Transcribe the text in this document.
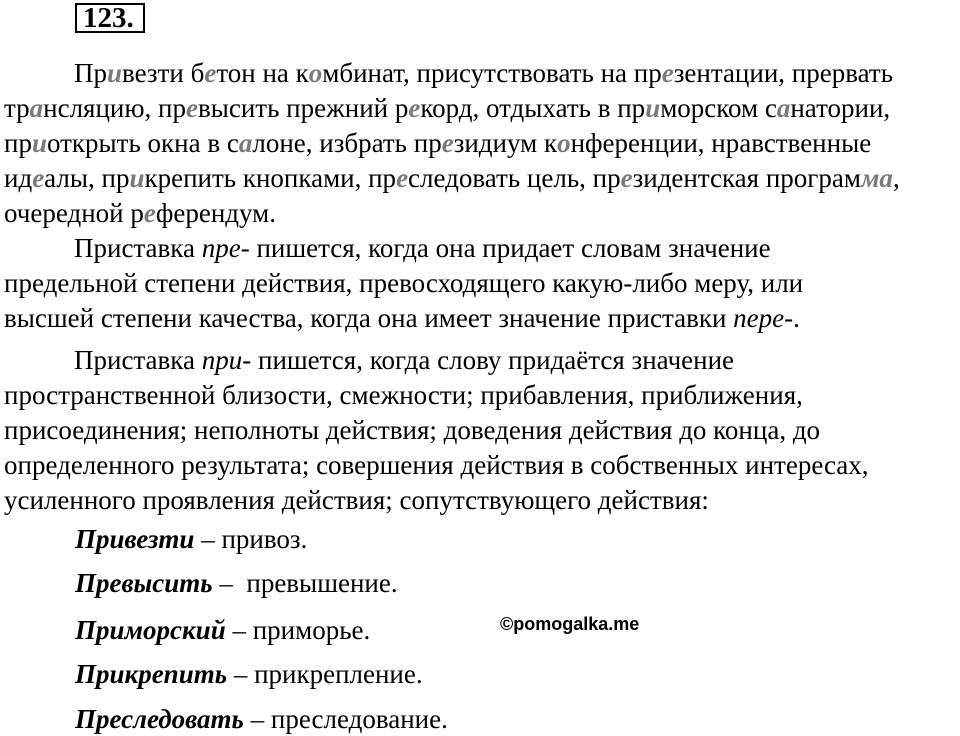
123.

Привезти бетон на комбинат, присутствовать на презентации, прервать
трансляцию, превысить прежний рекорд, отдыхать в приморском санатории,
приоткрыть окна в салоне, избрать президиум конференции, нравственные
идеалы, прикрепить кнопками, преследовать цель, президентская программа,
очередной референдум.

Приставка пре- пишется, когда она придает словам значение
предельной степени действия, превосходящего какую-либо меру, или
высшей степени качества, когда она имеет значение приставки пере-.

Приставка при- пишется, когда слову придаётся значение
пространственной близости, смежности; прибавления, приближения,
присоединения; неполноты действия; доведения действия до конца, до
определенного результата; совершения действия в собственных интересах,
усиленного проявления действия; сопутствующего действия:

Привезти – привоз.
Превысить –  превышение.
Приморский – приморье.
Прикрепить – прикрепление.
Преследовать – преследование.
©pomogalka.me
